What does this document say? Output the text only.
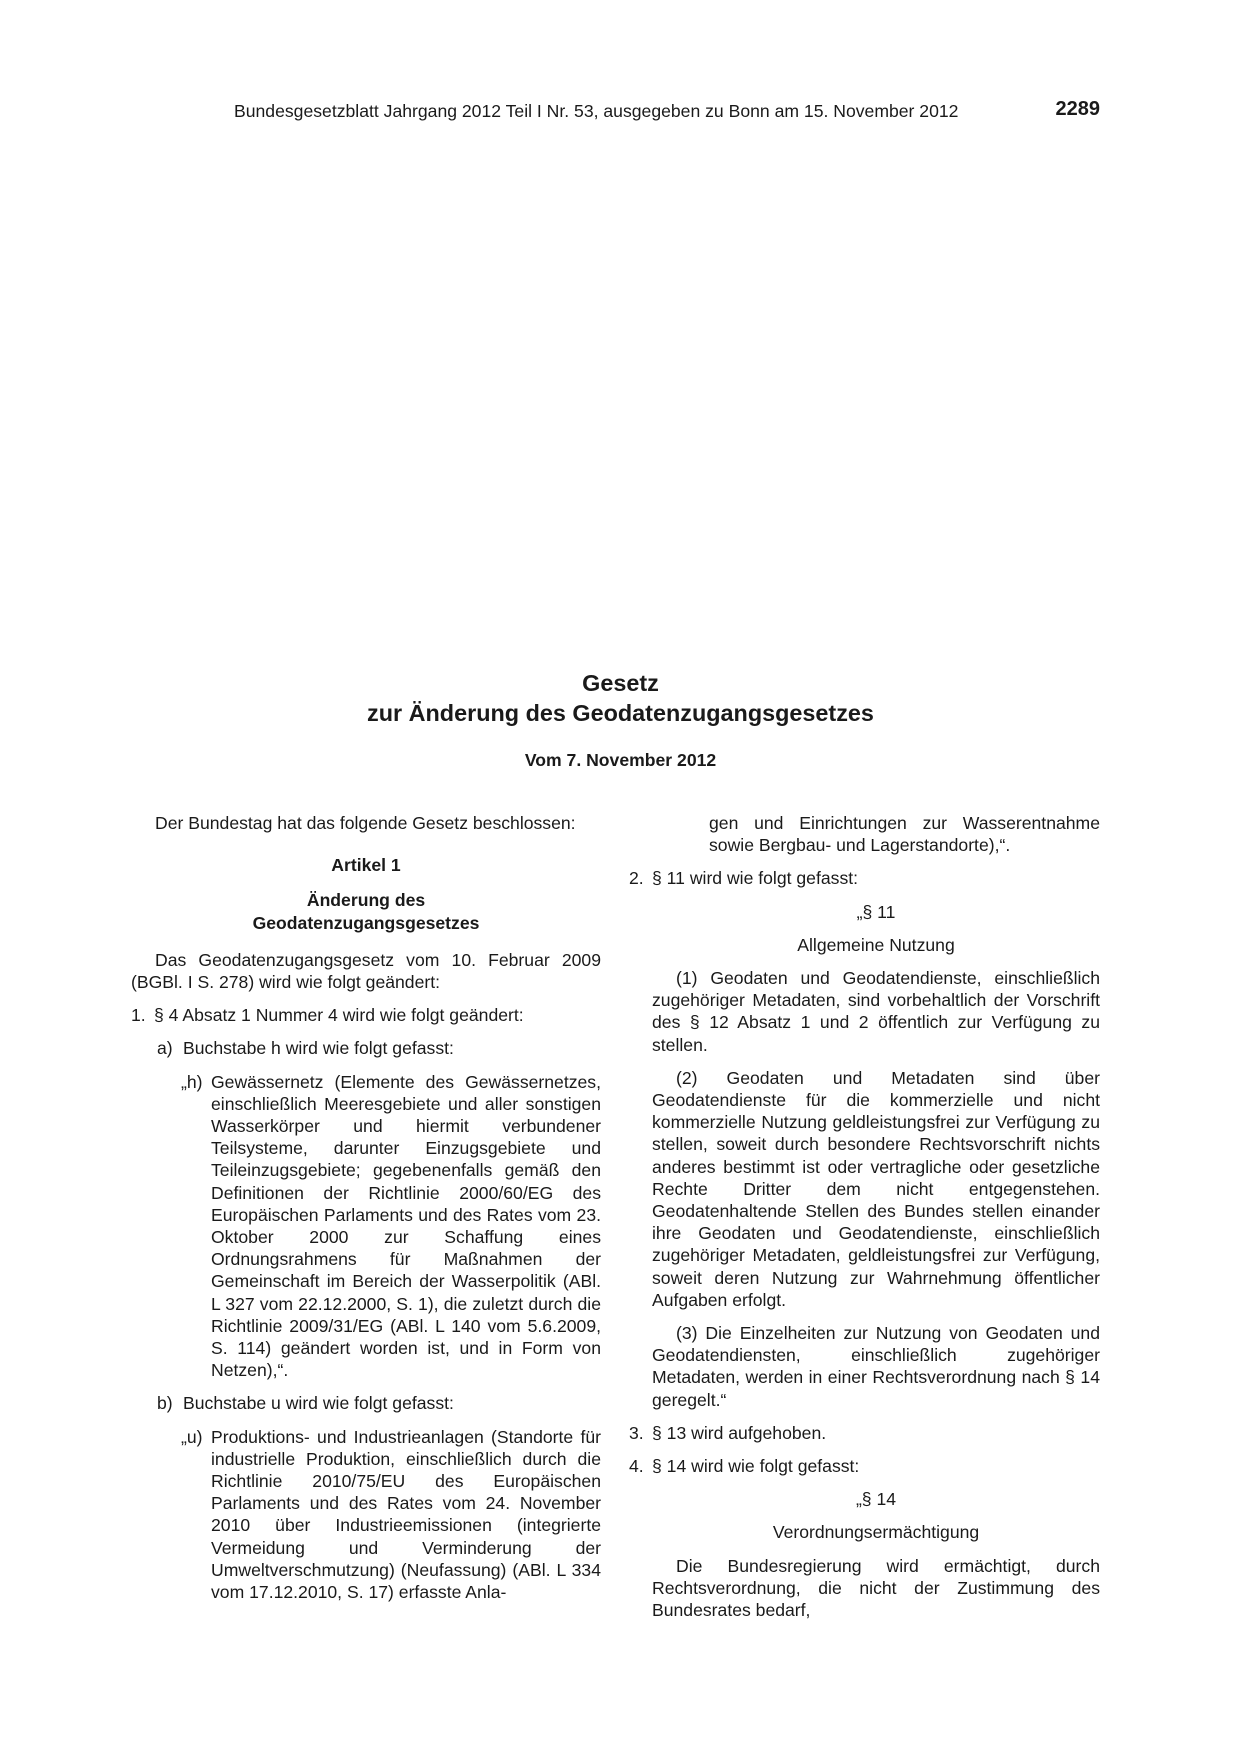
Bundesgesetzblatt Jahrgang 2012 Teil I Nr. 53, ausgegeben zu Bonn am 15. November 2012	2289
Gesetz
zur Änderung des Geodatenzugangsgesetzes
Vom 7. November 2012

Der Bundestag hat das folgende Gesetz beschlossen:

Artikel 1

Änderung des

Geodatenzugangsgesetzes

Das Geodatenzugangsgesetz vom 10. Februar 2009 (BGBl. I S. 278) wird wie folgt geändert:

1. § 4 Absatz 1 Nummer 4 wird wie folgt geändert:
a) Buchstabe h wird wie folgt gefasst:
„h) Gewässernetz (Elemente des Gewässernetzes, einschließlich Meeresgebiete und aller sonstigen Wasserkörper und hiermit verbundener Teilsysteme, darunter Einzugsgebiete und Teileinzugsgebiete; gegebenenfalls gemäß den Definitionen der Richtlinie 2000/60/EG des Europäischen Parlaments und des Rates vom 23. Oktober 2000 zur Schaffung eines Ordnungsrahmens für Maßnahmen der Gemeinschaft im Bereich der Wasserpolitik (ABl. L 327 vom 22.12.2000, S. 1), die zuletzt durch die Richtlinie 2009/31/EG (ABl. L 140 vom 5.6.2009, S. 114) geändert worden ist, und in Form von Netzen),“.
b) Buchstabe u wird wie folgt gefasst:
„u) Produktions- und Industrieanlagen (Standorte für industrielle Produktion, einschließlich durch die Richtlinie 2010/75/EU des Europäischen Parlaments und des Rates vom 24. November 2010 über Industrieemissionen (integrierte Vermeidung und Verminderung der Umweltverschmutzung) (Neufassung) (ABl. L 334 vom 17.12.2010, S. 17) erfasste Anla-
gen und Einrichtungen zur Wasserentnahme sowie Bergbau- und Lagerstandorte),“.
2. § 11 wird wie folgt gefasst:

„§ 11

Allgemeine Nutzung

(1) Geodaten und Geodatendienste, einschließlich zugehöriger Metadaten, sind vorbehaltlich der Vorschrift des § 12 Absatz 1 und 2 öffentlich zur Verfügung zu stellen.

(2) Geodaten und Metadaten sind über Geodatendienste für die kommerzielle und nicht kommerzielle Nutzung geldleistungsfrei zur Verfügung zu stellen, soweit durch besondere Rechtsvorschrift nichts anderes bestimmt ist oder vertragliche oder gesetzliche Rechte Dritter dem nicht entgegenstehen. Geodatenhaltende Stellen des Bundes stellen einander ihre Geodaten und Geodatendienste, einschließlich zugehöriger Metadaten, geldleistungsfrei zur Verfügung, soweit deren Nutzung zur Wahrnehmung öffentlicher Aufgaben erfolgt.

(3) Die Einzelheiten zur Nutzung von Geodaten und Geodatendiensten, einschließlich zugehöriger Metadaten, werden in einer Rechtsverordnung nach § 14 geregelt.“

3. § 13 wird aufgehoben.
4. § 14 wird wie folgt gefasst:

„§ 14

Verordnungsermächtigung

Die Bundesregierung wird ermächtigt, durch Rechtsverordnung, die nicht der Zustimmung des Bundesrates bedarf,
